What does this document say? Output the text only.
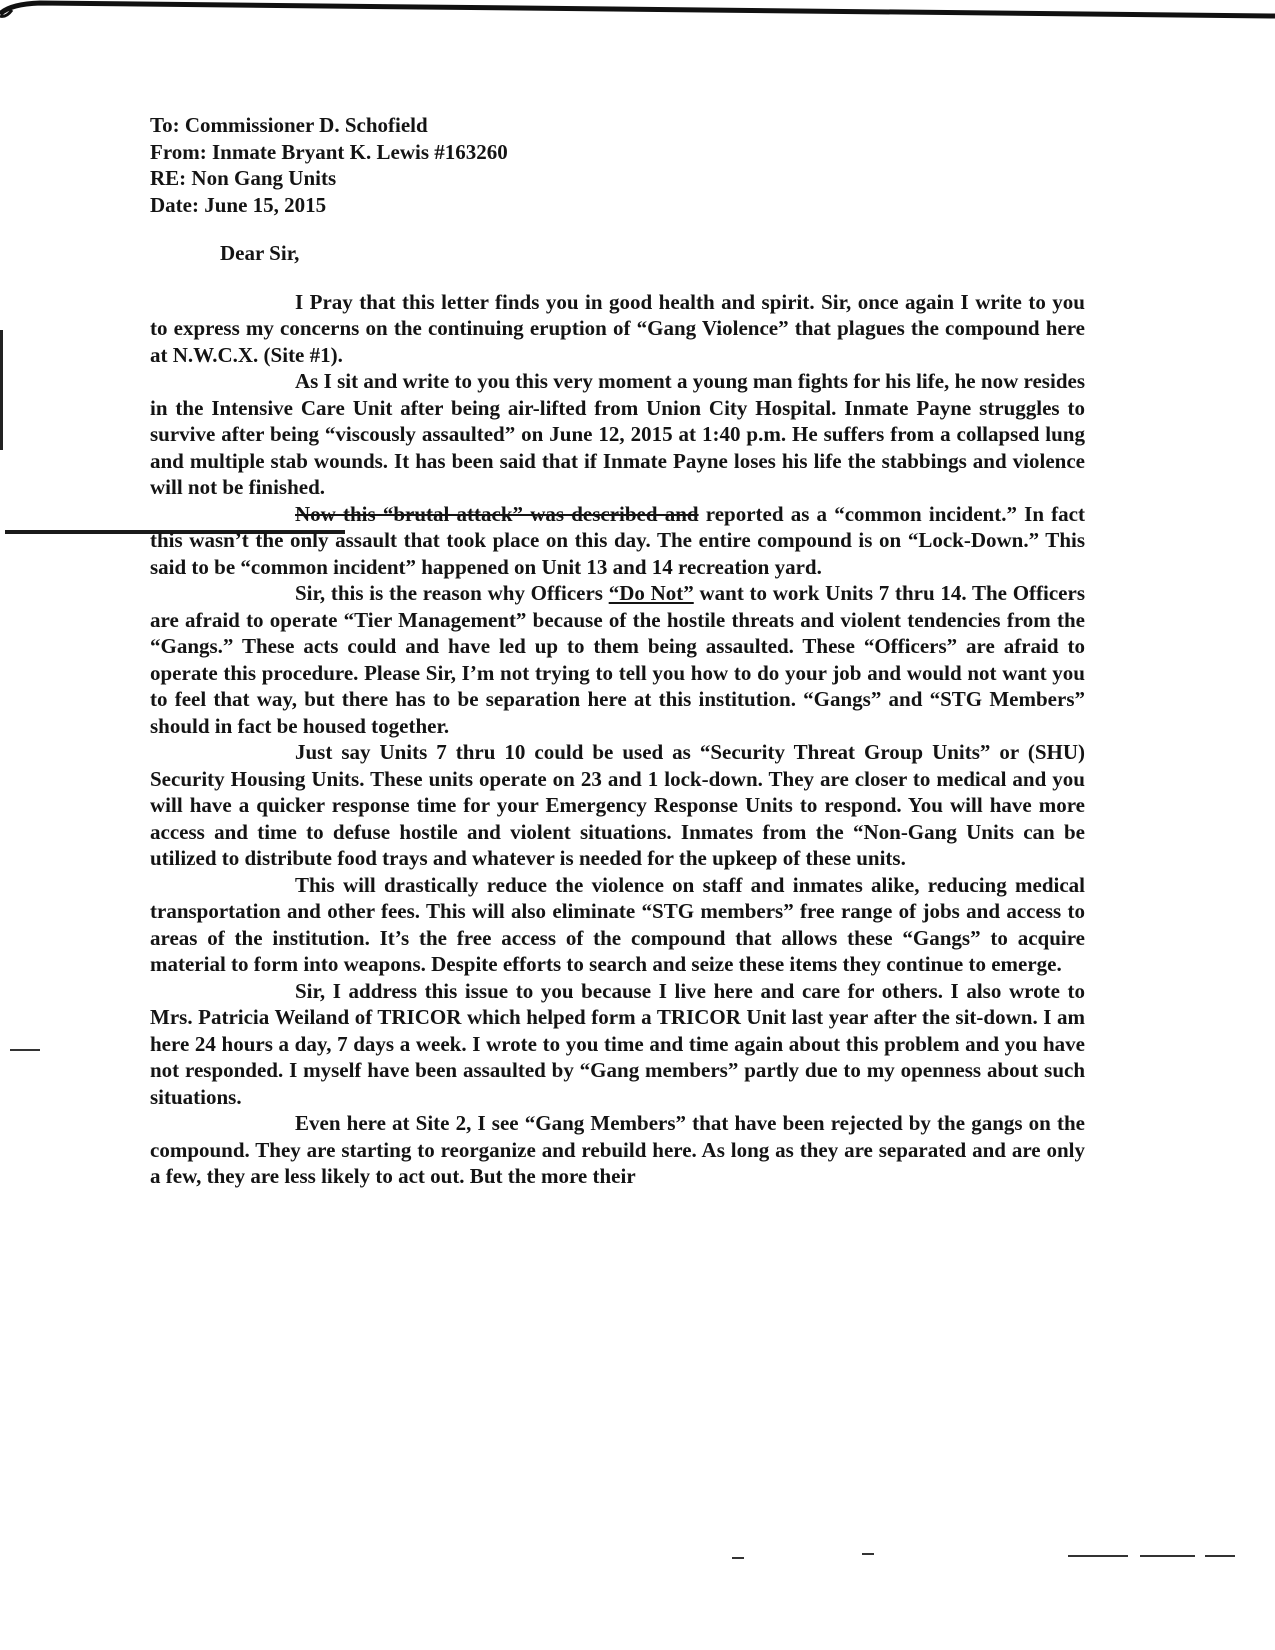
To: Commissioner D. Schofield
From: Inmate Bryant K. Lewis #163260
RE: Non Gang Units
Date: June 15, 2015

Dear Sir,

I Pray that this letter finds you in good health and spirit. Sir, once again I write to you to express my concerns on the continuing eruption of “Gang Violence” that plagues the compound here at N.W.C.X. (Site #1).

As I sit and write to you this very moment a young man fights for his life, he now resides in the Intensive Care Unit after being air-lifted from Union City Hospital. Inmate Payne struggles to survive after being “viscously assaulted” on June 12, 2015 at 1:40 p.m. He suffers from a collapsed lung and multiple stab wounds. It has been said that if Inmate Payne loses his life the stabbings and violence will not be finished.

Now this “brutal attack” was described and reported as a “common incident.” In fact this wasn’t the only assault that took place on this day. The entire compound is on “Lock-Down.” This said to be “common incident” happened on Unit 13 and 14 recreation yard.

Sir, this is the reason why Officers “Do Not” want to work Units 7 thru 14. The Officers are afraid to operate “Tier Management” because of the hostile threats and violent tendencies from the “Gangs.” These acts could and have led up to them being assaulted. These “Officers” are afraid to operate this procedure. Please Sir, I’m not trying to tell you how to do your job and would not want you to feel that way, but there has to be separation here at this institution. “Gangs” and “STG Members” should in fact be housed together.

Just say Units 7 thru 10 could be used as “Security Threat Group Units” or (SHU) Security Housing Units. These units operate on 23 and 1 lock-down. They are closer to medical and you will have a quicker response time for your Emergency Response Units to respond. You will have more access and time to defuse hostile and violent situations. Inmates from the “Non-Gang Units can be utilized to distribute food trays and whatever is needed for the upkeep of these units.

This will drastically reduce the violence on staff and inmates alike, reducing medical transportation and other fees. This will also eliminate “STG members” free range of jobs and access to areas of the institution. It’s the free access of the compound that allows these “Gangs” to acquire material to form into weapons. Despite efforts to search and seize these items they continue to emerge.

Sir, I address this issue to you because I live here and care for others. I also wrote to Mrs. Patricia Weiland of TRICOR which helped form a TRICOR Unit last year after the sit-down. I am here 24 hours a day, 7 days a week. I wrote to you time and time again about this problem and you have not responded. I myself have been assaulted by “Gang members” partly due to my openness about such situations.

Even here at Site 2, I see “Gang Members” that have been rejected by the gangs on the compound. They are starting to reorganize and rebuild here. As long as they are separated and are only a few, they are less likely to act out. But the more their
